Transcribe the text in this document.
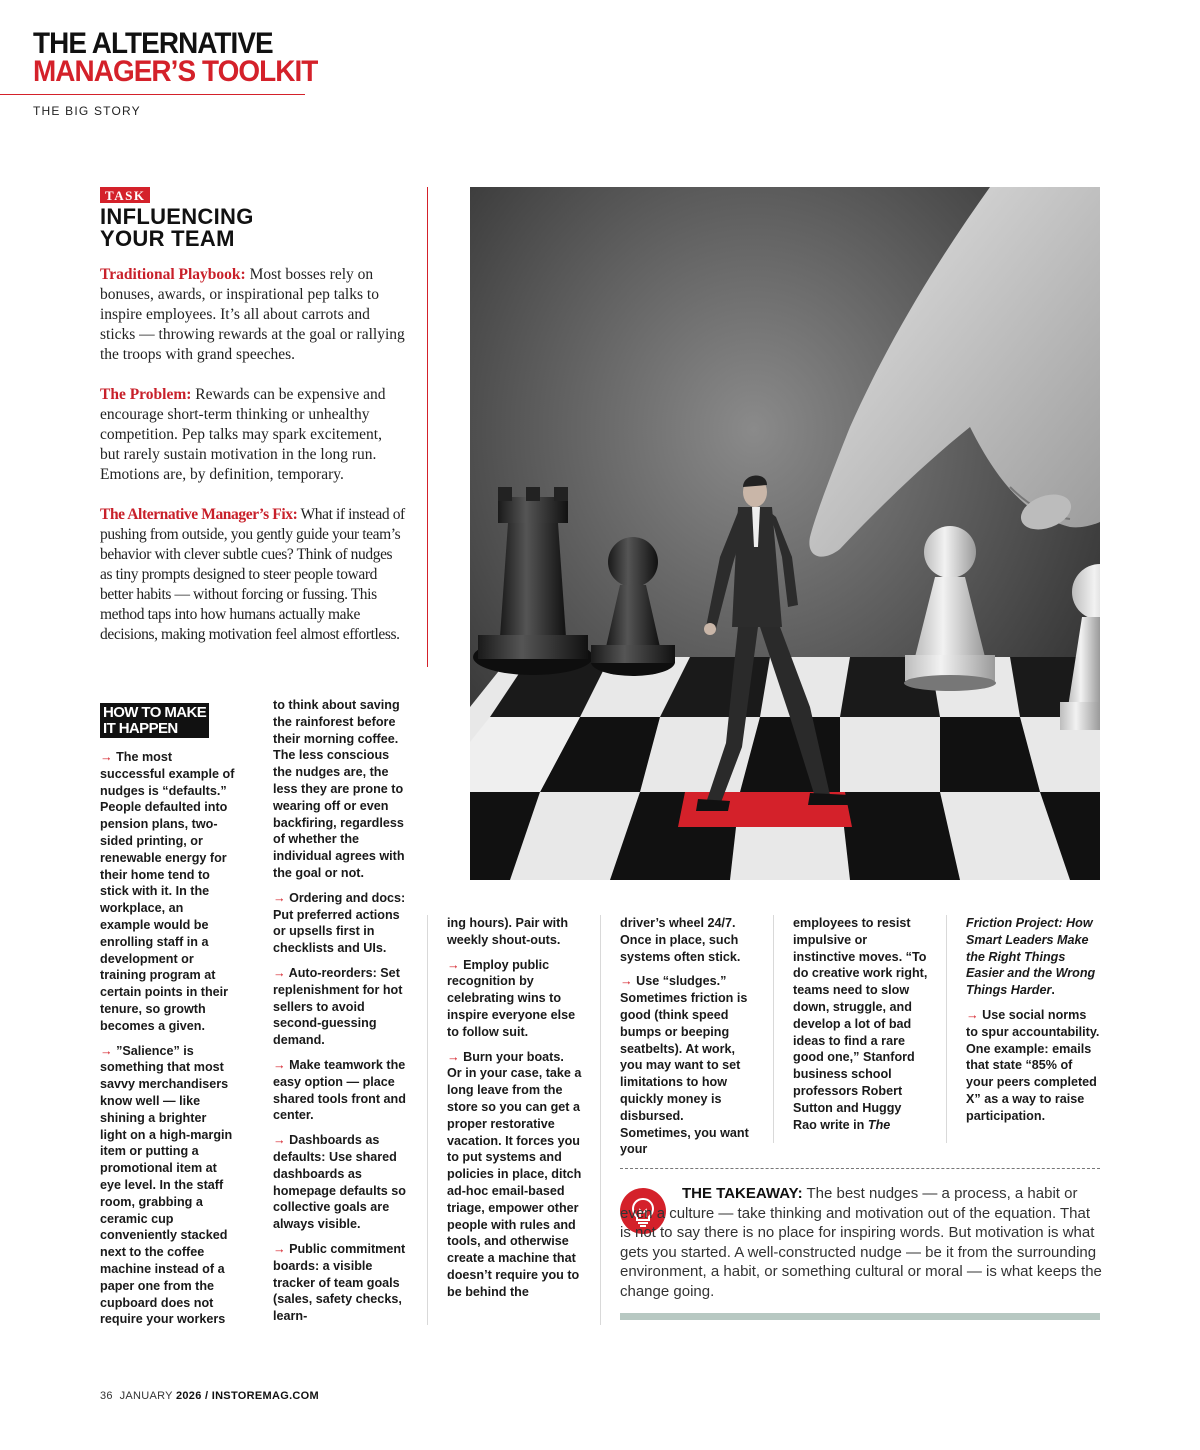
THE ALTERNATIVE
MANAGER’S TOOLKIT
THE BIG STORY
TASK
INFLUENCING
YOUR TEAM

Traditional Playbook: Most bosses rely on bonuses, awards, or inspirational pep talks to inspire employees. It’s all about carrots and sticks — throwing rewards at the goal or rallying the troops with grand speeches.

The Problem: Rewards can be expensive and encourage short-term thinking or unhealthy competition. Pep talks may spark excitement, but rarely sustain motivation in the long run. Emotions are, by definition, temporary.

The Alternative Manager’s Fix: What if instead of pushing from outside, you gently guide your team’s behavior with clever subtle cues? Think of nudges as tiny prompts designed to steer people toward better habits — without forcing or fussing. This method taps into how humans actually make decisions, making motivation feel almost effortless.

HOW TO MAKE
IT HAPPEN

→ The most successful example of nudges is “defaults.” People defaulted into pension plans, two-sided printing, or renewable energy for their home tend to stick with it. In the workplace, an example would be enrolling staff in a development or training program at certain points in their tenure, so growth becomes a given.

→ ”Salience” is something that most savvy merchandisers know well — like shining a brighter light on a high-margin item or putting a promotional item at eye level. In the staff room, grabbing a ceramic cup conveniently stacked next to the coffee machine instead of a paper one from the cupboard does not require your workers

to think about saving the rainforest before their morning coffee. The less conscious the nudges are, the less they are prone to wearing off or even backfiring, regardless of whether the individual agrees with the goal or not.

→ Ordering and docs: Put preferred actions or upsells first in checklists and UIs.

→ Auto-reorders: Set replenishment for hot sellers to avoid second-guessing demand.

→ Make teamwork the easy option — place shared tools front and center.

→ Dashboards as defaults: Use shared dashboards as homepage defaults so collective goals are always visible.

→ Public commitment boards: a visible tracker of team goals (sales, safety checks, learn-

ing hours). Pair with weekly shout-outs.

→ Employ public recognition by celebrating wins to inspire everyone else to follow suit.

→ Burn your boats. Or in your case, take a long leave from the store so you can get a proper restorative vacation. It forces you to put systems and policies in place, ditch ad-hoc email-based triage, empower other people with rules and tools, and otherwise create a machine that doesn’t require you to be behind the

driver’s wheel 24/7. Once in place, such systems often stick.

→ Use “sludges.” Sometimes friction is good (think speed bumps or beeping seatbelts). At work, you may want to set limitations to how quickly money is disbursed. Sometimes, you want your

employees to resist impulsive or instinctive moves. “To do creative work right, teams need to slow down, struggle, and develop a lot of bad ideas to find a rare good one,” Stanford business school professors Robert Sutton and Huggy Rao write in The

Friction Project: How Smart Leaders Make the Right Things Easier and the Wrong Things Harder.

→ Use social norms to spur accountability. One example: emails that state “85% of your peers completed X” as a way to raise participation.

THE TAKEAWAY: The best nudges — a process, a habit or even a culture — take thinking and motivation out of the equation. That is not to say there is no place for inspiring words. But motivation is what gets you started. A well-constructed nudge — be it from the surrounding environment, a habit, or something cultural or moral — is what keeps the change going.

36 JANUARY 2026 / INSTOREMAG.COM
